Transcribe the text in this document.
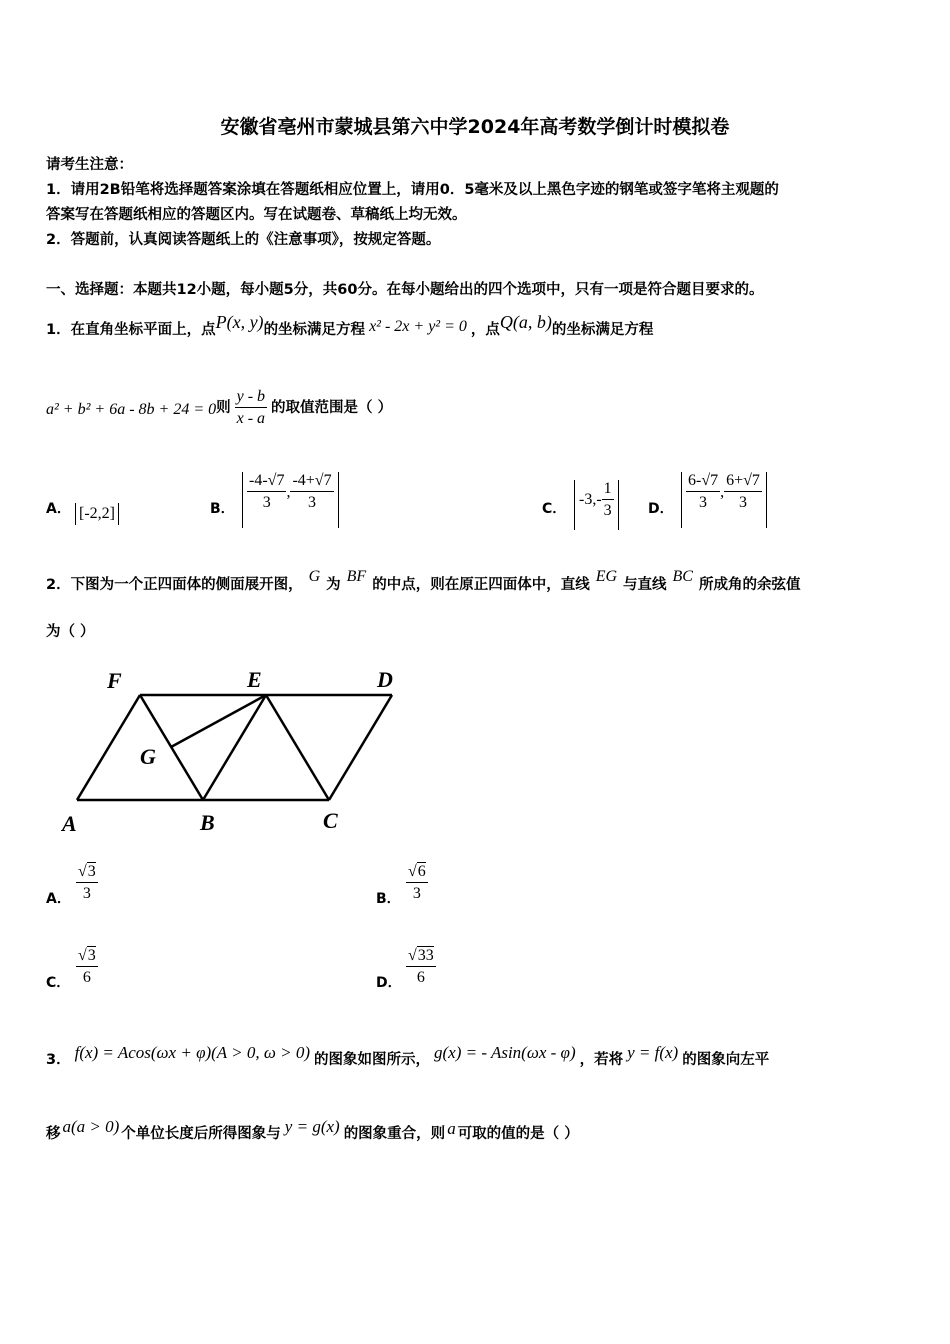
安徽省亳州市蒙城县第六中学2024年高考数学倒计时模拟卷
请考生注意：
1．请用2B铅笔将选择题答案涂填在答题纸相应位置上，请用0．5毫米及以上黑色字迹的钢笔或签字笔将主观题的
答案写在答题纸相应的答题区内。写在试题卷、草稿纸上均无效。
2．答题前，认真阅读答题纸上的《注意事项》，按规定答题。
一、选择题：本题共12小题，每小题5分，共60分。在每小题给出的四个选项中，只有一项是符合题目要求的。
1．在直角坐标平面上，点P(x, y)的坐标满足方程 x² - 2x + y² = 0 ，点Q(a, b)的坐标满足方程
a² + b² + 6a - 8b + 24 = 0则 $\frac{y - b}{x - a}$ 的取值范围是（ ）
A． [-2,2]	B． $\frac{-4-√7}{3}$ , $\frac{-4+√7}{3}$	C．
$-3,- \frac{1}{3}$ D． $\frac{6-√7}{3}$ , $\frac{6+√7}{3}$
2．下图为一个正四面体的侧面展开图， G 为 BF 的中点，则在原正四面体中，直线 EG 与直线 BC 所成角的余弦值
为（ ）
F	E	D
G
A	B	C
A． $\frac{√3}{3}$	B． $\frac{√6}{3}$
C． $\frac{√3}{6}$	D． $\frac{√33}{6}$
3． f(x) = Acos(ωx + φ)(A > 0, ω > 0) 的图象如图所示， g(x) = - Asin(ωx - φ) ，若将 y = f(x) 的图象向左平
移 a(a > 0) 个单位长度后所得图象与 y = g(x) 的图象重合，则 a 可取的值的是（ ）
